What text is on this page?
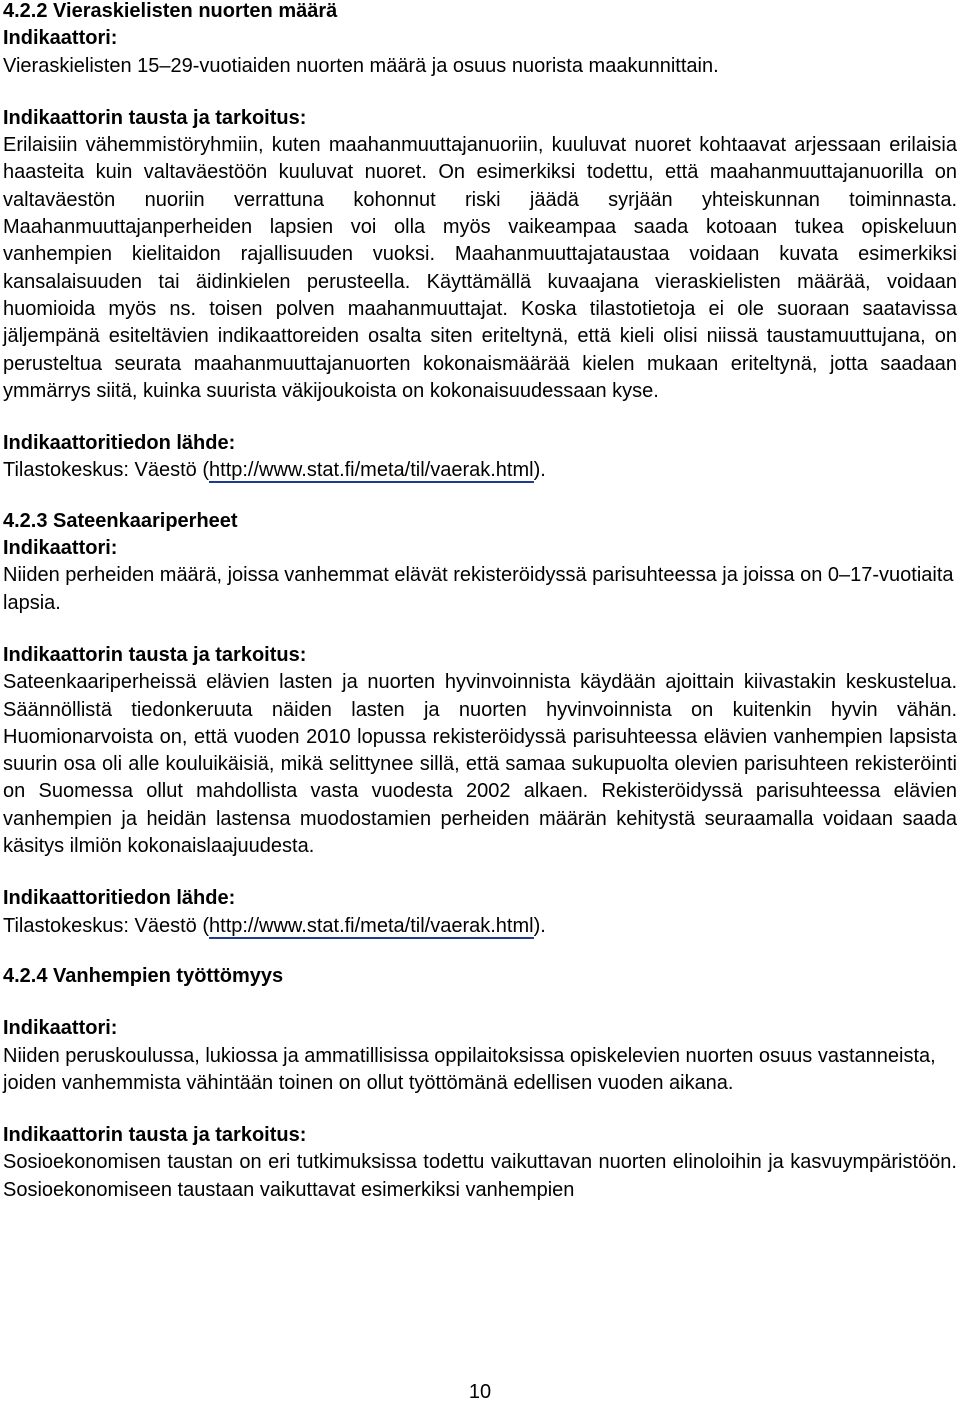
4.2.2 Vieraskielisten nuorten määrä

Indikaattori:

Vieraskielisten 15–29-vuotiaiden nuorten määrä ja osuus nuorista maakunnittain.

Indikaattorin tausta ja tarkoitus:

Erilaisiin vähemmistöryhmiin, kuten maahanmuuttajanuoriin, kuuluvat nuoret kohtaavat arjessaan erilaisia haasteita kuin valtaväestöön kuuluvat nuoret. On esimerkiksi todettu, että maahanmuuttajanuorilla on valtaväestön nuoriin verrattuna kohonnut riski jäädä syrjään yhteiskunnan toiminnasta. Maahanmuuttajanperheiden lapsien voi olla myös vaikeampaa saada kotoaan tukea opiskeluun vanhempien kielitaidon rajallisuuden vuoksi. Maahanmuuttajataustaa voidaan kuvata esimerkiksi kansalaisuuden tai äidinkielen perusteella. Käyttämällä kuvaajana vieraskielisten määrää, voidaan huomioida myös ns. toisen polven maahanmuuttajat. Koska tilastotietoja ei ole suoraan saatavissa jäljempänä esiteltävien indikaattoreiden osalta siten eriteltynä, että kieli olisi niissä taustamuuttujana, on perusteltua seurata maahanmuuttajanuorten kokonaismäärää kielen mukaan eriteltynä, jotta saadaan ymmärrys siitä, kuinka suurista väkijoukoista on kokonaisuudessaan kyse.

Indikaattoritiedon lähde:

Tilastokeskus: Väestö (http://www.stat.fi/meta/til/vaerak.html).

4.2.3 Sateenkaariperheet

Indikaattori:

Niiden perheiden määrä, joissa vanhemmat elävät rekisteröidyssä parisuhteessa ja joissa on 0–17-vuotiaita lapsia.

Indikaattorin tausta ja tarkoitus:

Sateenkaariperheissä elävien lasten ja nuorten hyvinvoinnista käydään ajoittain kiivastakin keskustelua. Säännöllistä tiedonkeruuta näiden lasten ja nuorten hyvinvoinnista on kuitenkin hyvin vähän. Huomionarvoista on, että vuoden 2010 lopussa rekisteröidyssä parisuhteessa elävien vanhempien lapsista suurin osa oli alle kouluikäisiä, mikä selittynee sillä, että samaa sukupuolta olevien parisuhteen rekisteröinti on Suomessa ollut mahdollista vasta vuodesta 2002 alkaen. Rekisteröidyssä parisuhteessa elävien vanhempien ja heidän lastensa muodostamien perheiden määrän kehitystä seuraamalla voidaan saada käsitys ilmiön kokonaislaajuudesta.

Indikaattoritiedon lähde:

Tilastokeskus: Väestö (http://www.stat.fi/meta/til/vaerak.html).

4.2.4 Vanhempien työttömyys

Indikaattori:

Niiden peruskoulussa, lukiossa ja ammatillisissa oppilaitoksissa opiskelevien nuorten osuus vastanneista, joiden vanhemmista vähintään toinen on ollut työttömänä edellisen vuoden aikana.

Indikaattorin tausta ja tarkoitus:

Sosioekonomisen taustan on eri tutkimuksissa todettu vaikuttavan nuorten elinoloihin ja kasvuympäristöön. Sosioekonomiseen taustaan vaikuttavat esimerkiksi vanhempien

10
